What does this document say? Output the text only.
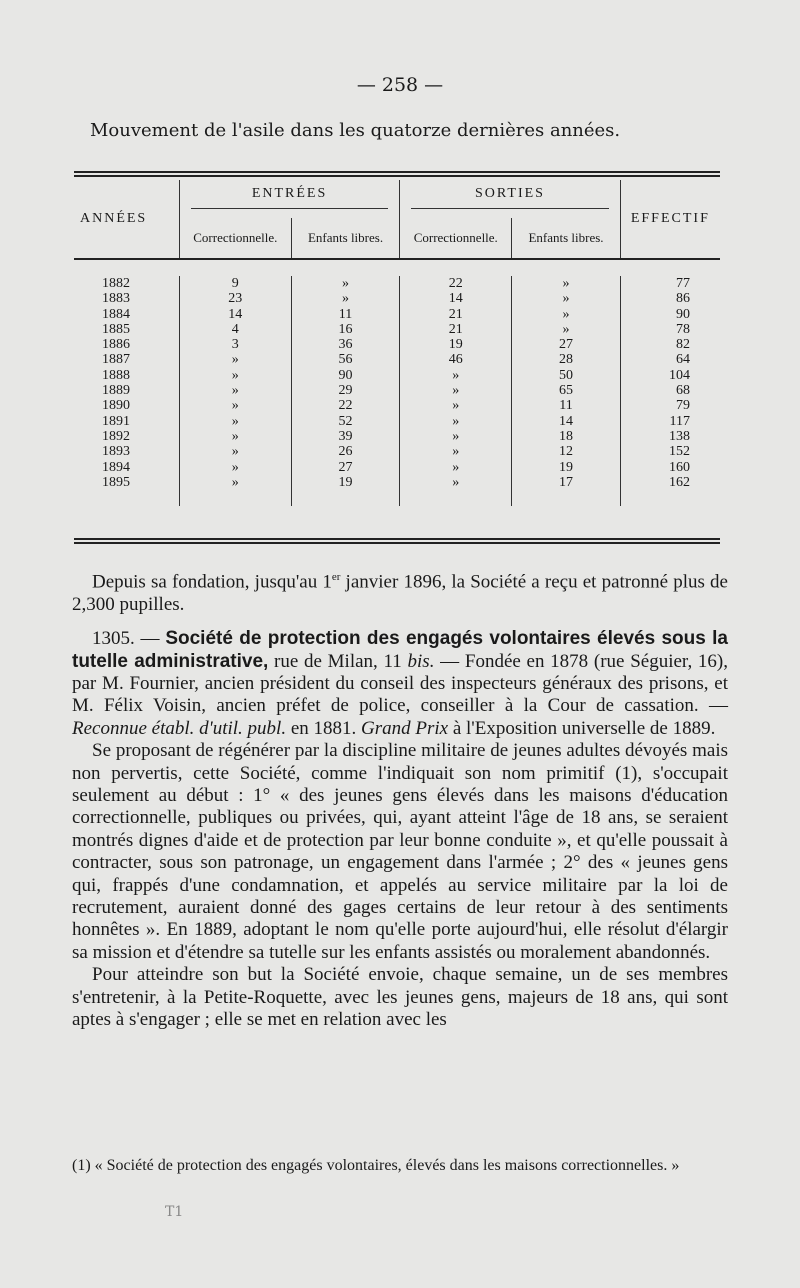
— 258 —
Mouvement de l'asile dans les quatorze dernières années.
ANNÉES	ENTRÉES		SORTIES		EFFECTIF
	Correctionnelle.	Enfants libres.	Correctionnelle.	Enfants libres.	

1882	9	»	22	»	77
1883	23	»	14	»	86
1884	14	11	21	»	90
1885	4	16	21	»	78
1886	3	36	19	27	82
1887	»	56	46	28	64
1888	»	90	»	50	104
1889	»	29	»	65	68
1890	»	22	»	11	79
1891	»	52	»	14	117
1892	»	39	»	18	138
1893	»	26	»	12	152
1894	»	27	»	19	160
1895	»	19	»	17	162

Depuis sa fondation, jusqu'au 1er janvier 1896, la Société a reçu et patronné plus de 2,300 pupilles.

1305. — Société de protection des engagés volontaires élevés sous la tutelle administrative, rue de Milan, 11 bis. — Fondée en 1878 (rue Séguier, 16), par M. Fournier, ancien président du conseil des inspecteurs généraux des prisons, et M. Félix Voisin, ancien préfet de police, conseiller à la Cour de cassation. — Reconnue établ. d'util. publ. en 1881. Grand Prix à l'Exposition universelle de 1889.

Se proposant de régénérer par la discipline militaire de jeunes adultes dévoyés mais non pervertis, cette Société, comme l'indiquait son nom primitif (1), s'occupait seulement au début : 1° « des jeunes gens élevés dans les maisons d'éducation correctionnelle, publiques ou privées, qui, ayant atteint l'âge de 18 ans, se seraient montrés dignes d'aide et de protection par leur bonne conduite », et qu'elle poussait à contracter, sous son patronage, un engagement dans l'armée ; 2° des « jeunes gens qui, frappés d'une condamnation, et appelés au service militaire par la loi de recrutement, auraient donné des gages certains de leur retour à des sentiments honnêtes ». En 1889, adoptant le nom qu'elle porte aujourd'hui, elle résolut d'élargir sa mission et d'étendre sa tutelle sur les enfants assistés ou moralement abandonnés.

Pour atteindre son but la Société envoie, chaque semaine, un de ses membres s'entretenir, à la Petite-Roquette, avec les jeunes gens, majeurs de 18 ans, qui sont aptes à s'engager ; elle se met en relation avec les

(1) « Société de protection des engagés volontaires, élevés dans les maisons correctionnelles. »
T1
